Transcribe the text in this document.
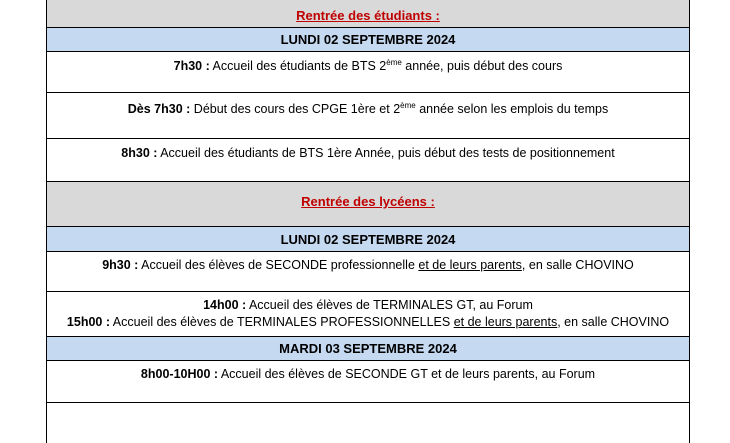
Rentrée des étudiants :
LUNDI 02 SEPTEMBRE 2024
7h30 : Accueil des étudiants de BTS 2ème année, puis début des cours
Dès 7h30 : Début des cours des CPGE 1ère et 2ème année selon les emplois du temps
8h30 : Accueil des étudiants de BTS 1ère Année, puis début des tests de positionnement
Rentrée des lycéens :
LUNDI 02 SEPTEMBRE 2024
9h30 : Accueil des élèves de SECONDE professionnelle et de leurs parents, en salle CHOVINO
14h00 : Accueil des élèves de TERMINALES GT, au Forum
15h00 : Accueil des élèves de TERMINALES PROFESSIONNELLES et de leurs parents, en salle CHOVINO
MARDI 03 SEPTEMBRE 2024
8h00-10H00 : Accueil des élèves de SECONDE GT et de leurs parents, au Forum
